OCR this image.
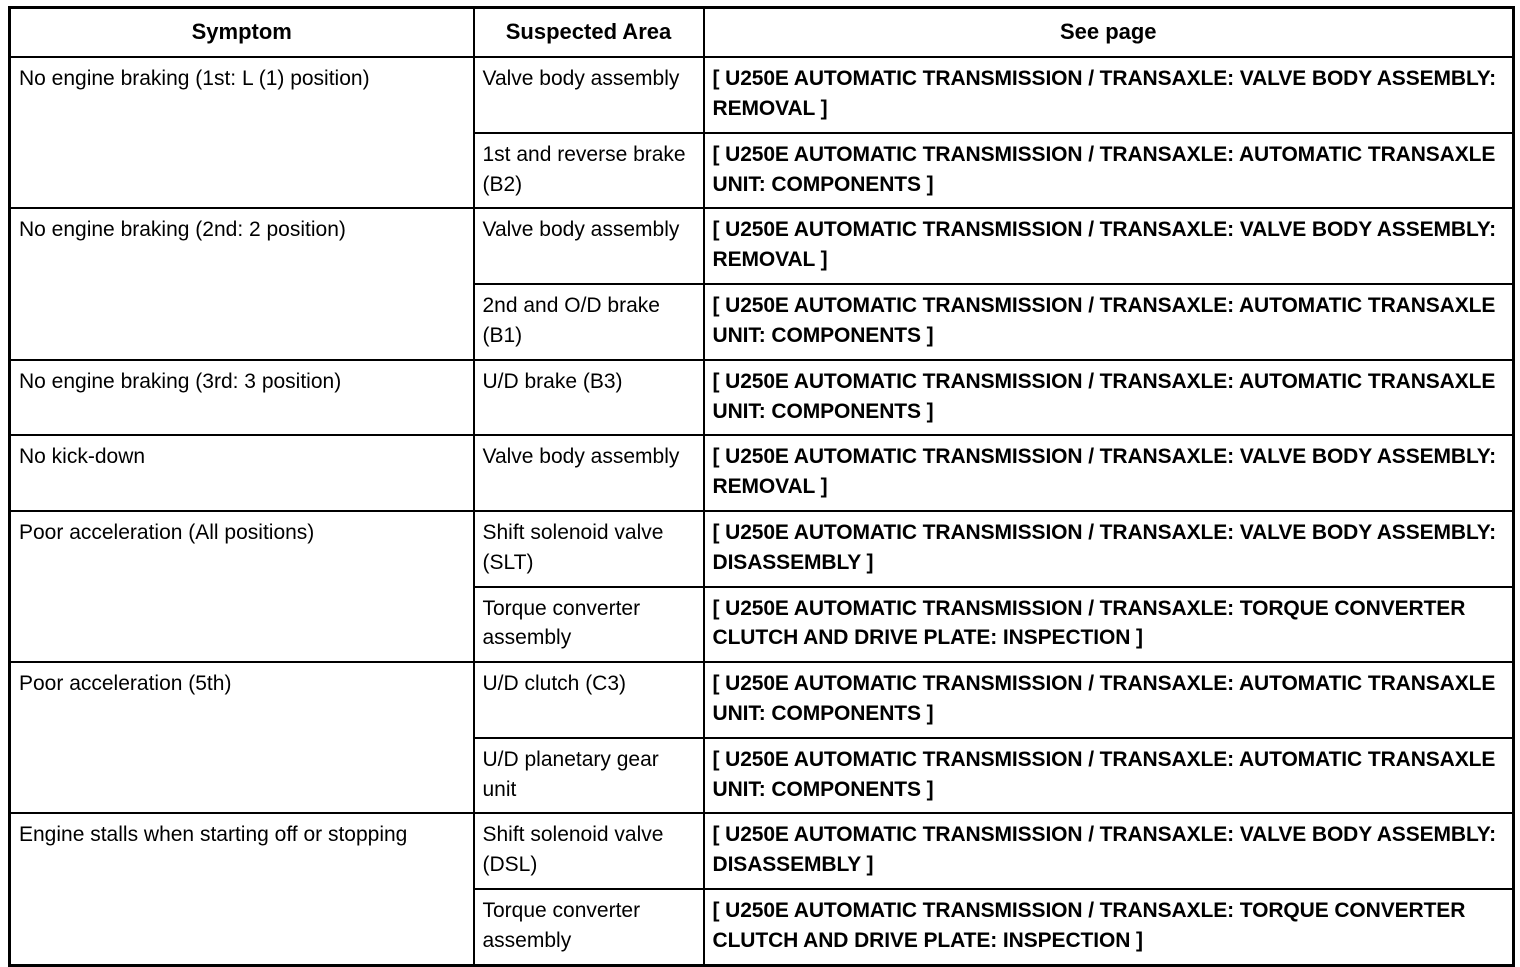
Symptom	Suspected Area	See page
No engine braking (1st: L (1) position)	Valve body assembly	[ U250E AUTOMATIC TRANSMISSION / TRANSAXLE: VALVE BODY ASSEMBLY: REMOVAL ]
	1st and reverse brake (B2)	[ U250E AUTOMATIC TRANSMISSION / TRANSAXLE: AUTOMATIC TRANSAXLE UNIT: COMPONENTS ]
No engine braking (2nd: 2 position)	Valve body assembly	[ U250E AUTOMATIC TRANSMISSION / TRANSAXLE: VALVE BODY ASSEMBLY: REMOVAL ]
	2nd and O/D brake (B1)	[ U250E AUTOMATIC TRANSMISSION / TRANSAXLE: AUTOMATIC TRANSAXLE UNIT: COMPONENTS ]
No engine braking (3rd: 3 position)	U/D brake (B3)	[ U250E AUTOMATIC TRANSMISSION / TRANSAXLE: AUTOMATIC TRANSAXLE UNIT: COMPONENTS ]
No kick-down	Valve body assembly	[ U250E AUTOMATIC TRANSMISSION / TRANSAXLE: VALVE BODY ASSEMBLY: REMOVAL ]
Poor acceleration (All positions)	Shift solenoid valve (SLT)	[ U250E AUTOMATIC TRANSMISSION / TRANSAXLE: VALVE BODY ASSEMBLY: DISASSEMBLY ]
	Torque converter assembly	[ U250E AUTOMATIC TRANSMISSION / TRANSAXLE: TORQUE CONVERTER CLUTCH AND DRIVE PLATE: INSPECTION ]
Poor acceleration (5th)	U/D clutch (C3)	[ U250E AUTOMATIC TRANSMISSION / TRANSAXLE: AUTOMATIC TRANSAXLE UNIT: COMPONENTS ]
	U/D planetary gear unit	[ U250E AUTOMATIC TRANSMISSION / TRANSAXLE: AUTOMATIC TRANSAXLE UNIT: COMPONENTS ]
Engine stalls when starting off or stopping	Shift solenoid valve (DSL)	[ U250E AUTOMATIC TRANSMISSION / TRANSAXLE: VALVE BODY ASSEMBLY: DISASSEMBLY ]
	Torque converter assembly	[ U250E AUTOMATIC TRANSMISSION / TRANSAXLE: TORQUE CONVERTER CLUTCH AND DRIVE PLATE: INSPECTION ]
